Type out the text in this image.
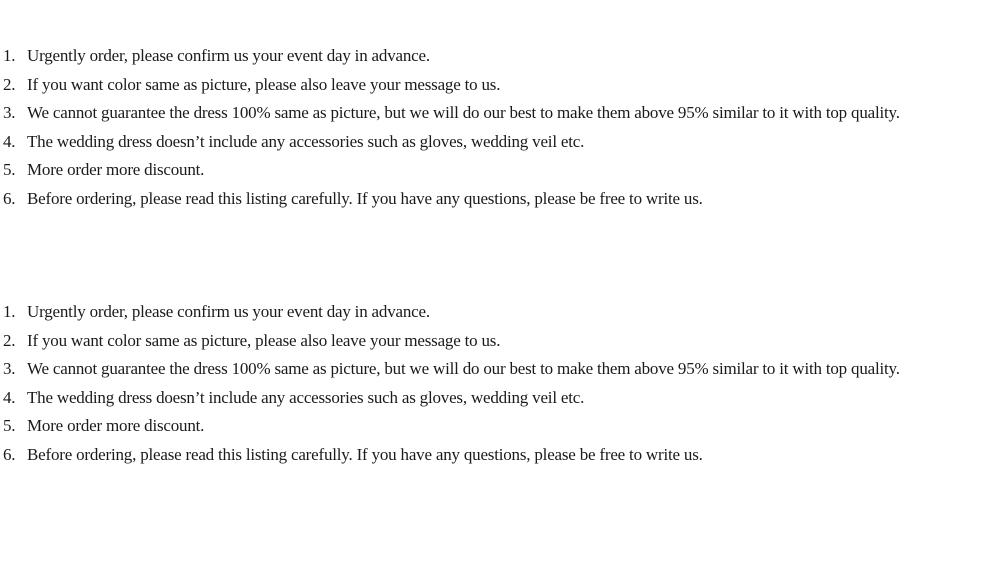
1. Urgently order, please confirm us your event day in advance.
2. If you want color same as picture, please also leave your message to us.
3. We cannot guarantee the dress 100% same as picture, but we will do our best to make them above 95% similar to it with top quality.
4. The wedding dress doesn’t include any accessories such as gloves, wedding veil etc.
5. More order more discount.
6. Before ordering, please read this listing carefully. If you have any questions, please be free to write us.
1. Urgently order, please confirm us your event day in advance.
2. If you want color same as picture, please also leave your message to us.
3. We cannot guarantee the dress 100% same as picture, but we will do our best to make them above 95% similar to it with top quality.
4. The wedding dress doesn’t include any accessories such as gloves, wedding veil etc.
5. More order more discount.
6. Before ordering, please read this listing carefully. If you have any questions, please be free to write us.
